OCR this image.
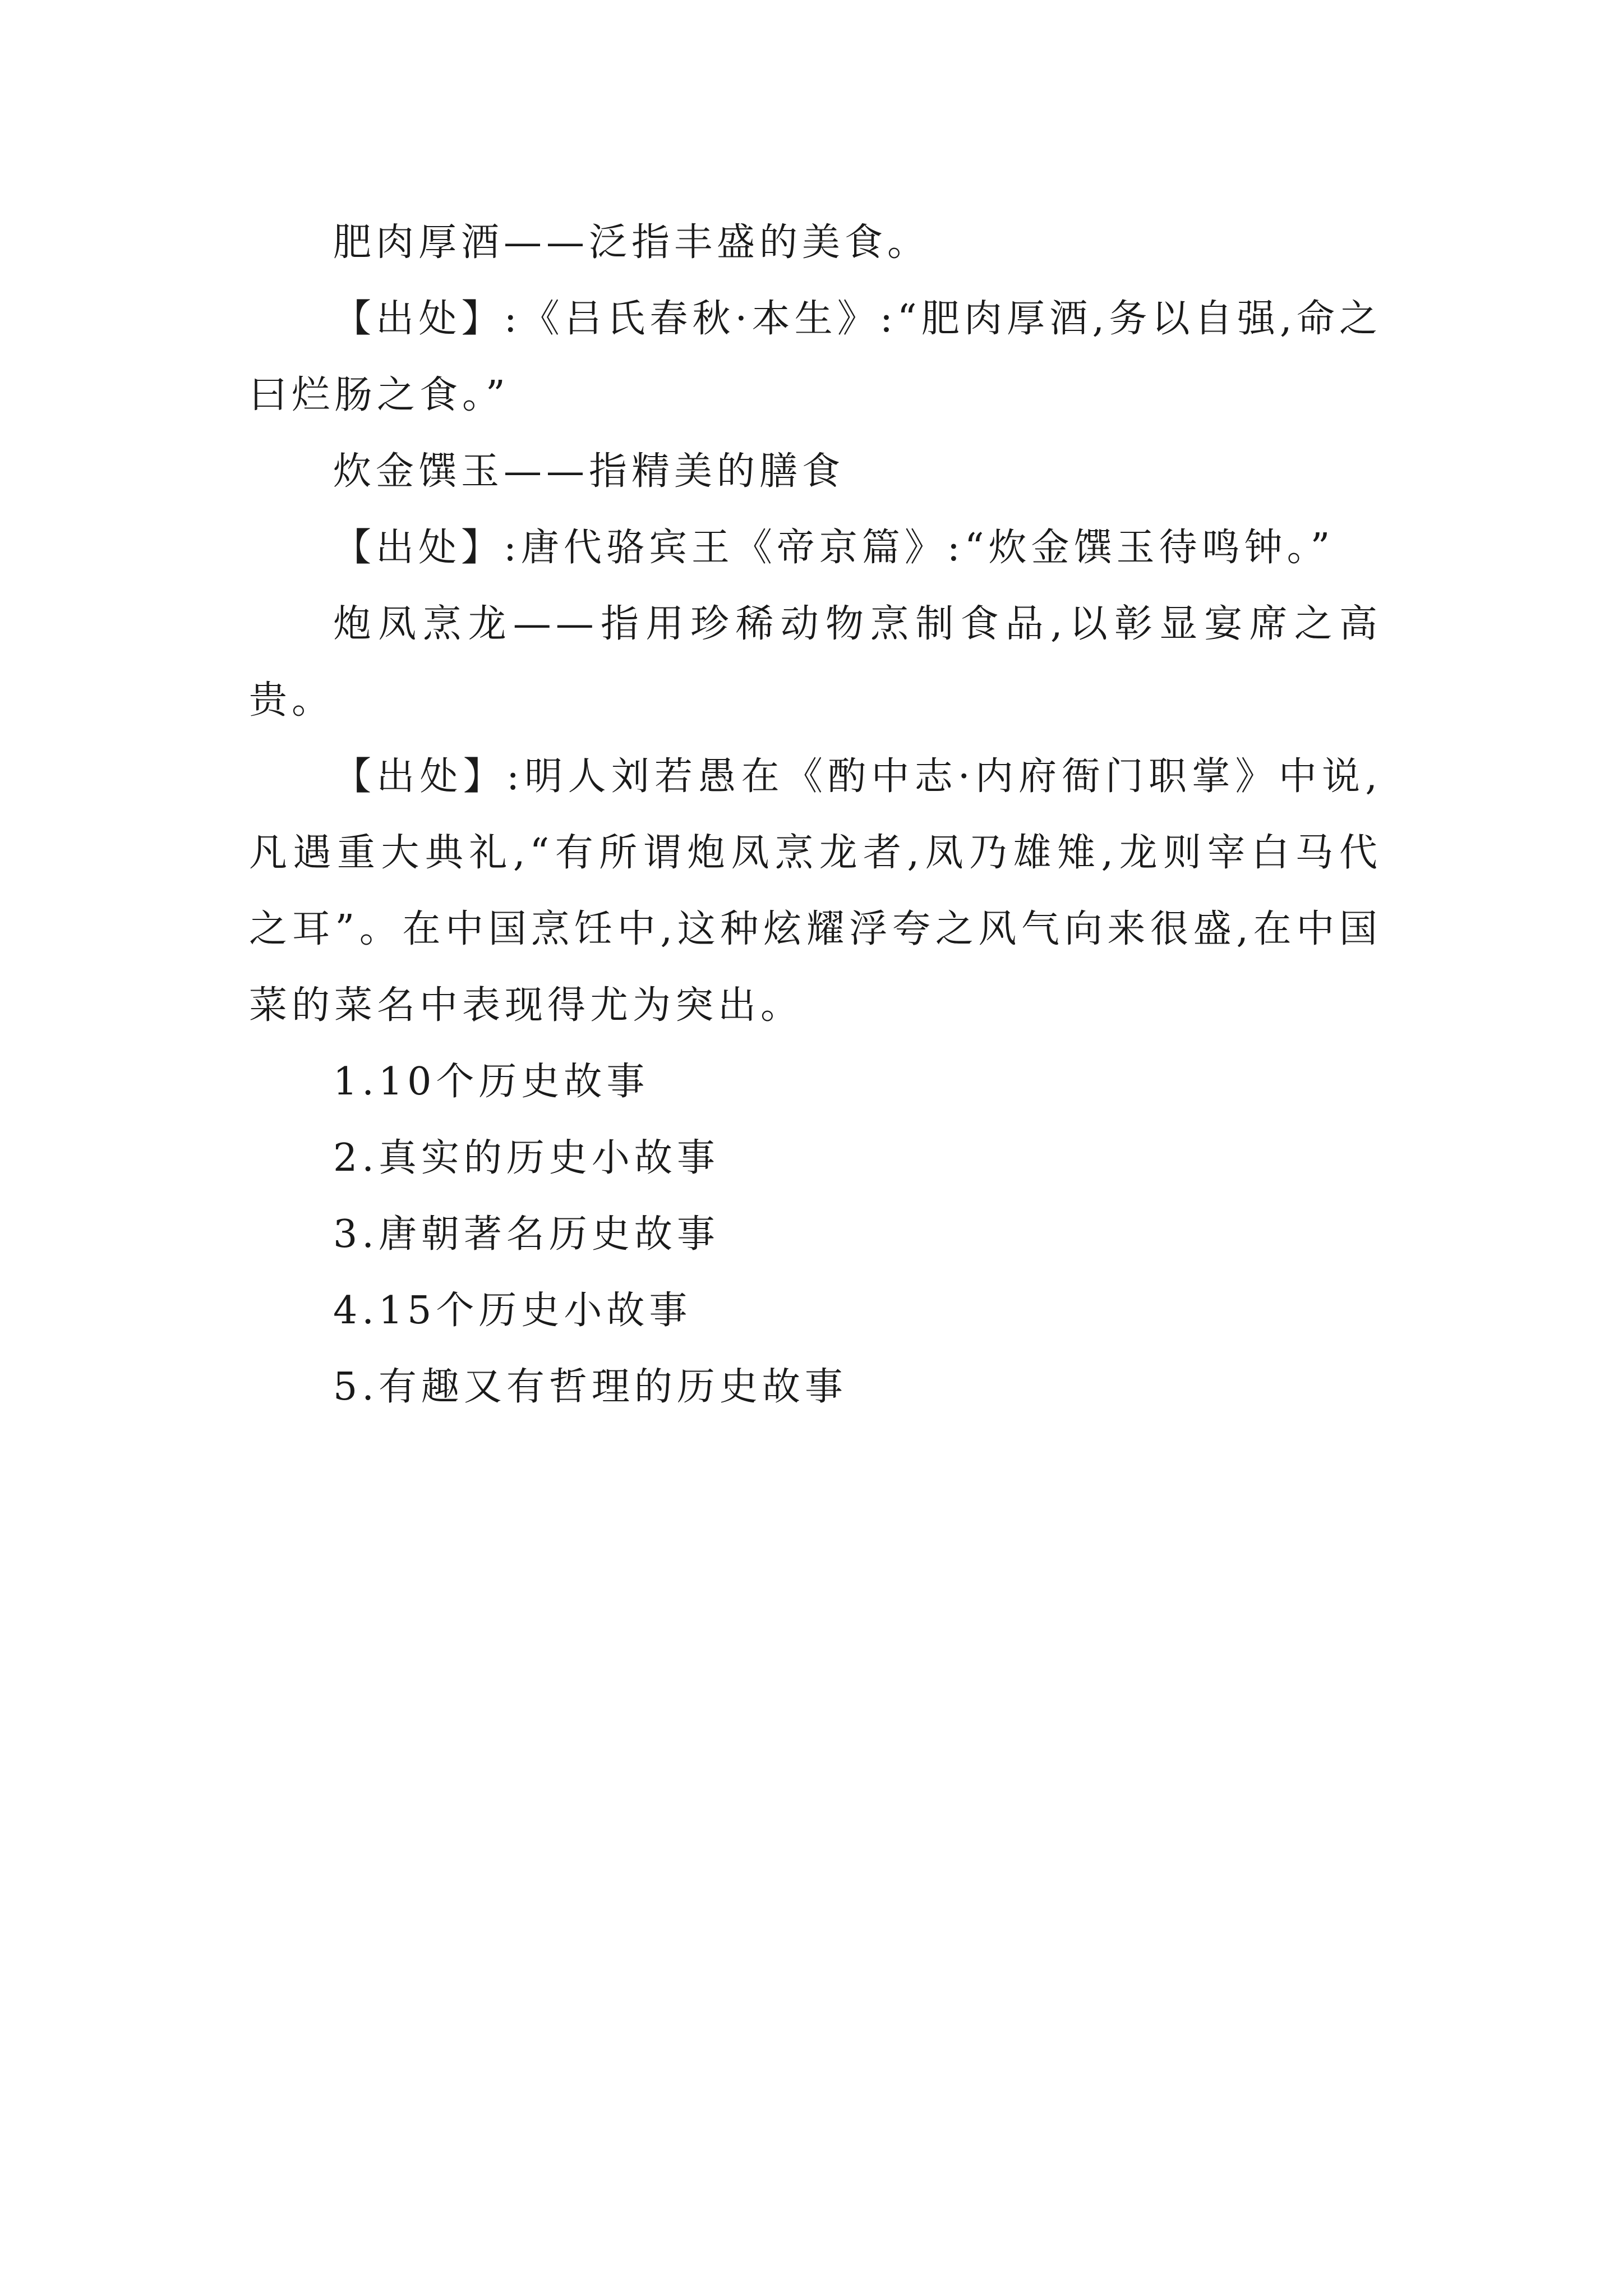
肥肉厚酒——泛指丰盛的美食。

【出处】:《吕氏春秋·本生》:“肥肉厚酒,务以自强,命之曰烂肠之食。”

炊金馔玉——指精美的膳食

【出处】:唐代骆宾王《帝京篇》:“炊金馔玉待鸣钟。”

炮凤烹龙——指用珍稀动物烹制食品,以彰显宴席之高贵。

【出处】:明人刘若愚在《酌中志·内府衙门职掌》中说,凡遇重大典礼,“有所谓炮凤烹龙者,凤乃雄雉,龙则宰白马代之耳”。在中国烹饪中,这种炫耀浮夸之风气向来很盛,在中国菜的菜名中表现得尤为突出。

1.10个历史故事

2.真实的历史小故事

3.唐朝著名历史故事

4.15个历史小故事

5.有趣又有哲理的历史故事
